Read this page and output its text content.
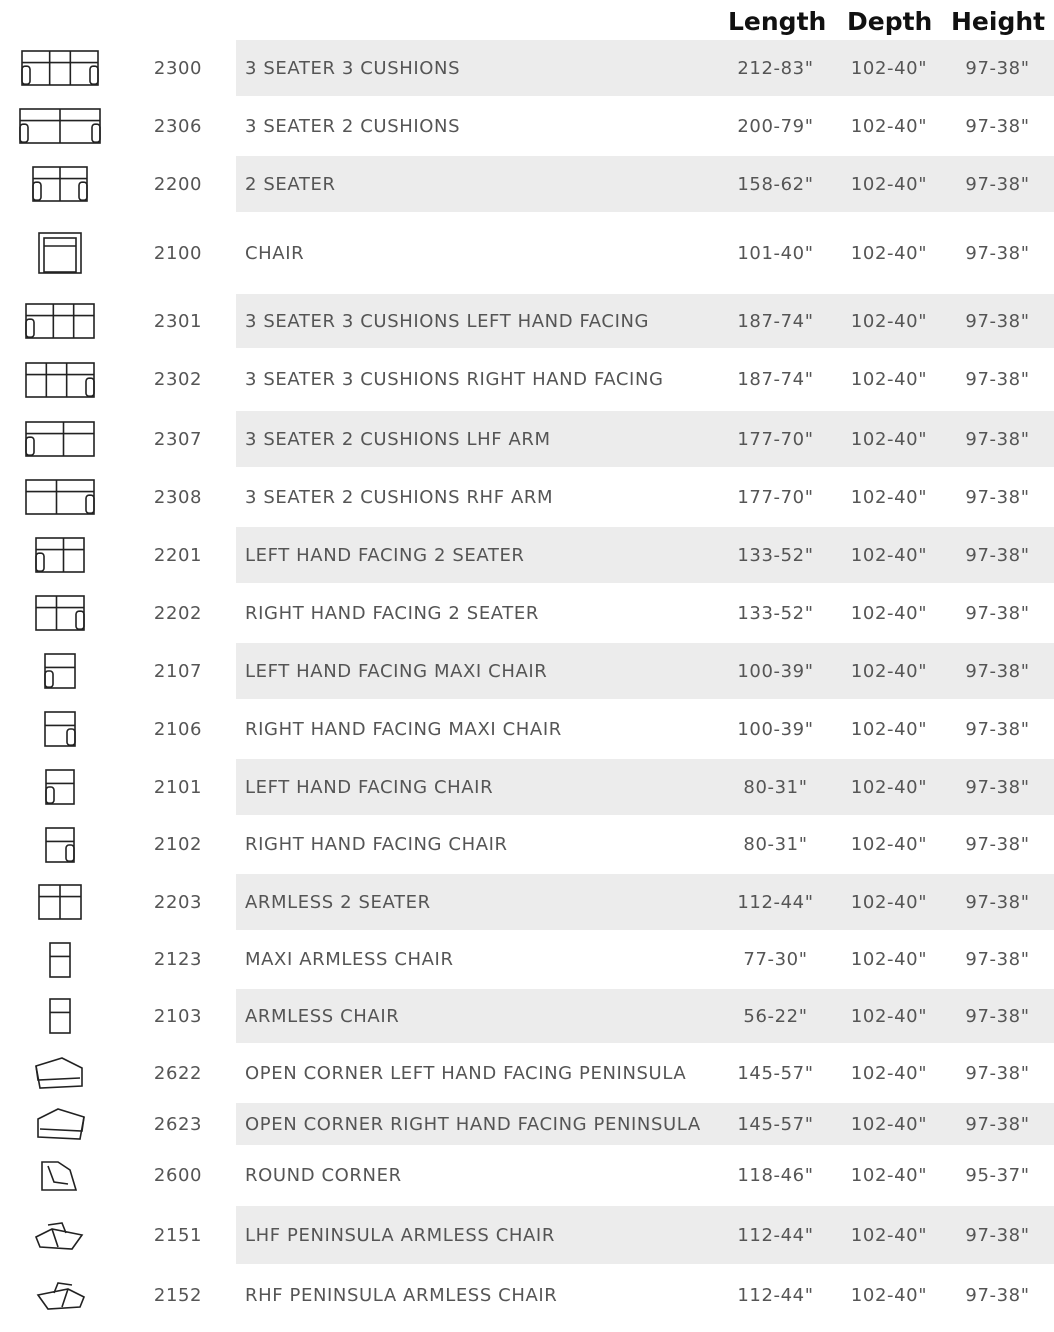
Length Depth Height
2300	3 SEATER 3 CUSHIONS	212-83"	102-40"	97-38"
2306	3 SEATER 2 CUSHIONS	200-79"	102-40"	97-38"
2200	2 SEATER	158-62"	102-40"	97-38"
2100	CHAIR	101-40"	102-40"	97-38"
2301	3 SEATER 3 CUSHIONS LEFT HAND FACING	187-74"	102-40"	97-38"
2302	3 SEATER 3 CUSHIONS RIGHT HAND FACING	187-74"	102-40"	97-38"
2307	3 SEATER 2 CUSHIONS LHF ARM	177-70"	102-40"	97-38"
2308	3 SEATER 2 CUSHIONS RHF ARM	177-70"	102-40"	97-38"
2201	LEFT HAND FACING 2 SEATER	133-52"	102-40"	97-38"
2202	RIGHT HAND FACING 2 SEATER	133-52"	102-40"	97-38"
2107	LEFT HAND FACING MAXI CHAIR	100-39"	102-40"	97-38"
2106	RIGHT HAND FACING MAXI CHAIR	100-39"	102-40"	97-38"
2101	LEFT HAND FACING CHAIR	80-31"	102-40"	97-38"
2102	RIGHT HAND FACING CHAIR	80-31"	102-40"	97-38"
2203	ARMLESS 2 SEATER	112-44"	102-40"	97-38"
2123	MAXI ARMLESS CHAIR	77-30"	102-40"	97-38"
2103	ARMLESS CHAIR	56-22"	102-40"	97-38"
2622	OPEN CORNER LEFT HAND FACING PENINSULA	145-57"	102-40"	97-38"
2623	OPEN CORNER RIGHT HAND FACING PENINSULA	145-57"	102-40"	97-38"
2600	ROUND CORNER	118-46"	102-40"	95-37"
2151	LHF PENINSULA ARMLESS CHAIR	112-44"	102-40"	97-38"
2152	RHF PENINSULA ARMLESS CHAIR	112-44"	102-40"	97-38"
